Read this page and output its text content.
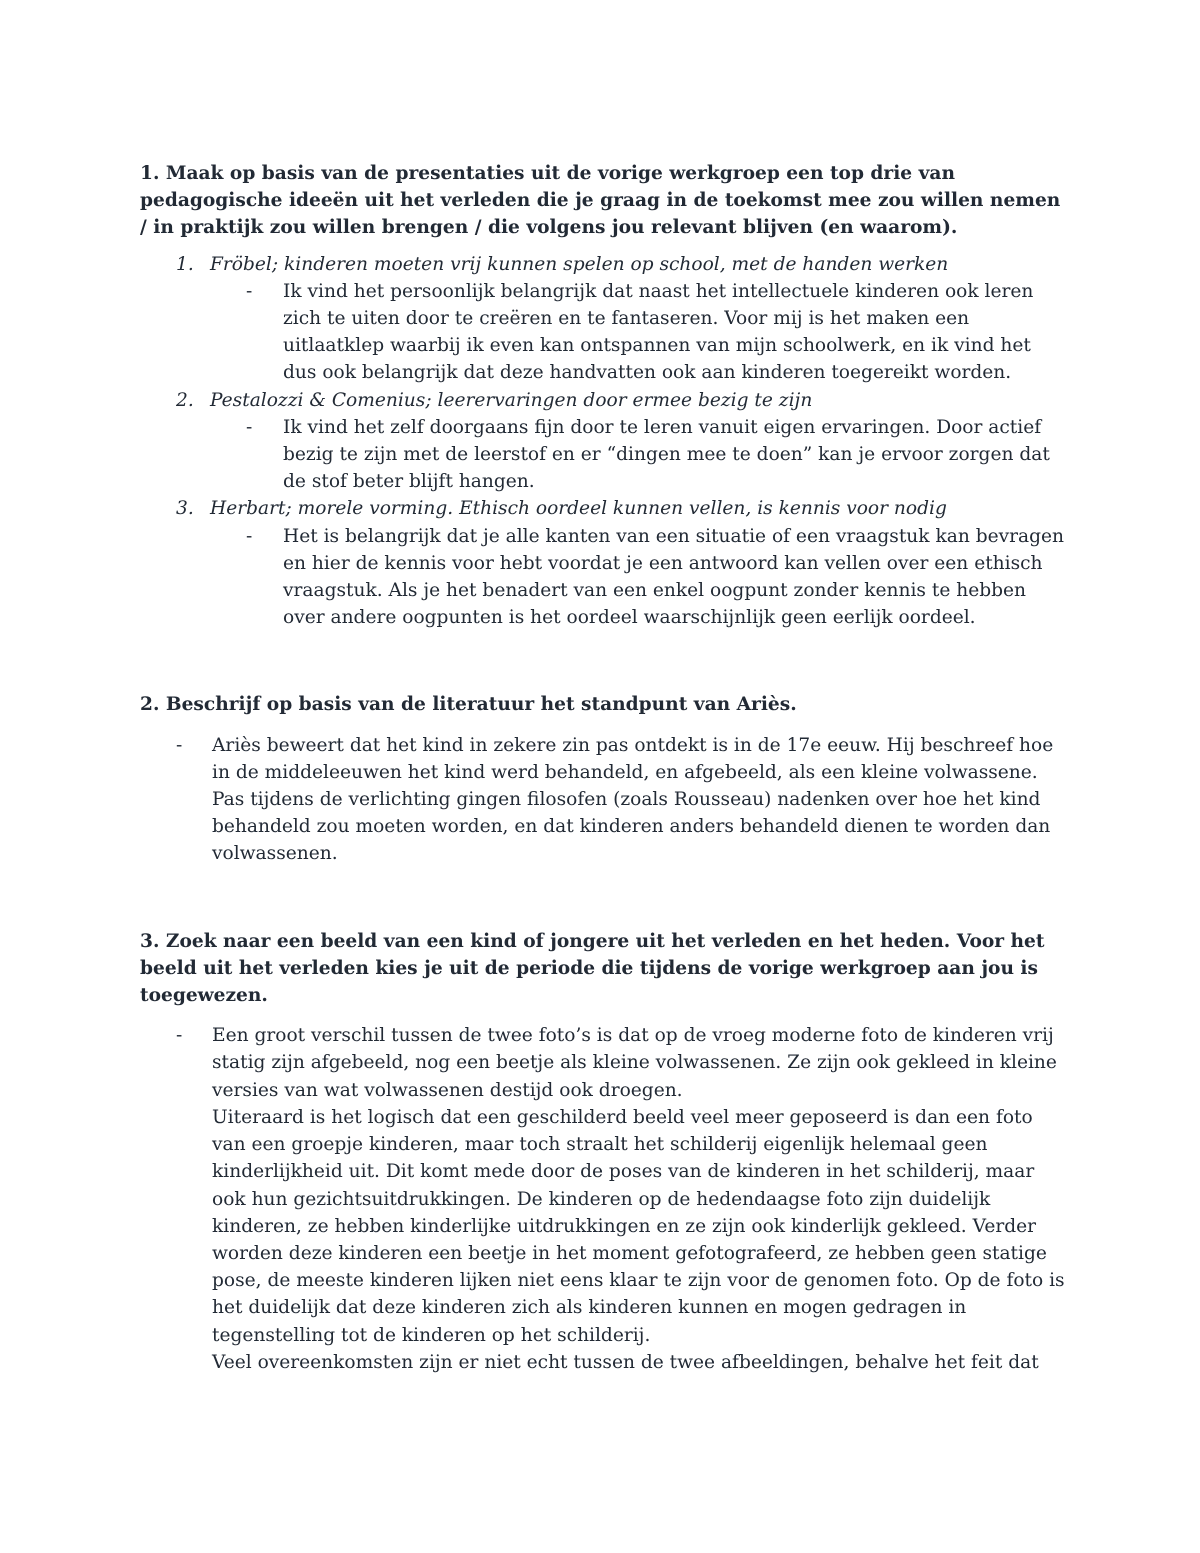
1. Maak op basis van de presentaties uit de vorige werkgroep een top drie van pedagogische ideeën uit het verleden die je graag in de toekomst mee zou willen nemen / in praktijk zou willen brengen / die volgens jou relevant blijven (en waarom).

1. Fröbel; kinderen moeten vrij kunnen spelen op school, met de handen werken

- Ik vind het persoonlijk belangrijk dat naast het intellectuele kinderen ook leren zich te uiten door te creëren en te fantaseren. Voor mij is het maken een uitlaatklep waarbij ik even kan ontspannen van mijn schoolwerk, en ik vind het dus ook belangrijk dat deze handvatten ook aan kinderen toegereikt worden.

2. Pestalozzi & Comenius; leerervaringen door ermee bezig te zijn

- Ik vind het zelf doorgaans fijn door te leren vanuit eigen ervaringen. Door actief bezig te zijn met de leerstof en er “dingen mee te doen” kan je ervoor zorgen dat de stof beter blijft hangen.

3. Herbart; morele vorming. Ethisch oordeel kunnen vellen, is kennis voor nodig

- Het is belangrijk dat je alle kanten van een situatie of een vraagstuk kan bevragen en hier de kennis voor hebt voordat je een antwoord kan vellen over een ethisch vraagstuk. Als je het benadert van een enkel oogpunt zonder kennis te hebben over andere oogpunten is het oordeel waarschijnlijk geen eerlijk oordeel.

2. Beschrijf op basis van de literatuur het standpunt van Ariès.

- Ariès beweert dat het kind in zekere zin pas ontdekt is in de 17e eeuw. Hij beschreef hoe in de middeleeuwen het kind werd behandeld, en afgebeeld, als een kleine volwassene. Pas tijdens de verlichting gingen filosofen (zoals Rousseau) nadenken over hoe het kind behandeld zou moeten worden, en dat kinderen anders behandeld dienen te worden dan volwassenen.

3. Zoek naar een beeld van een kind of jongere uit het verleden en het heden. Voor het beeld uit het verleden kies je uit de periode die tijdens de vorige werkgroep aan jou is toegewezen.

- Een groot verschil tussen de twee foto’s is dat op de vroeg moderne foto de kinderen vrij statig zijn afgebeeld, nog een beetje als kleine volwassenen. Ze zijn ook gekleed in kleine versies van wat volwassenen destijd ook droegen.
Uiteraard is het logisch dat een geschilderd beeld veel meer geposeerd is dan een foto van een groepje kinderen, maar toch straalt het schilderij eigenlijk helemaal geen kinderlijkheid uit. Dit komt mede door de poses van de kinderen in het schilderij, maar ook hun gezichtsuitdrukkingen. De kinderen op de hedendaagse foto zijn duidelijk kinderen, ze hebben kinderlijke uitdrukkingen en ze zijn ook kinderlijk gekleed. Verder worden deze kinderen een beetje in het moment gefotografeerd, ze hebben geen statige pose, de meeste kinderen lijken niet eens klaar te zijn voor de genomen foto. Op de foto is het duidelijk dat deze kinderen zich als kinderen kunnen en mogen gedragen in tegenstelling tot de kinderen op het schilderij.
Veel overeenkomsten zijn er niet echt tussen de twee afbeeldingen, behalve het feit dat
